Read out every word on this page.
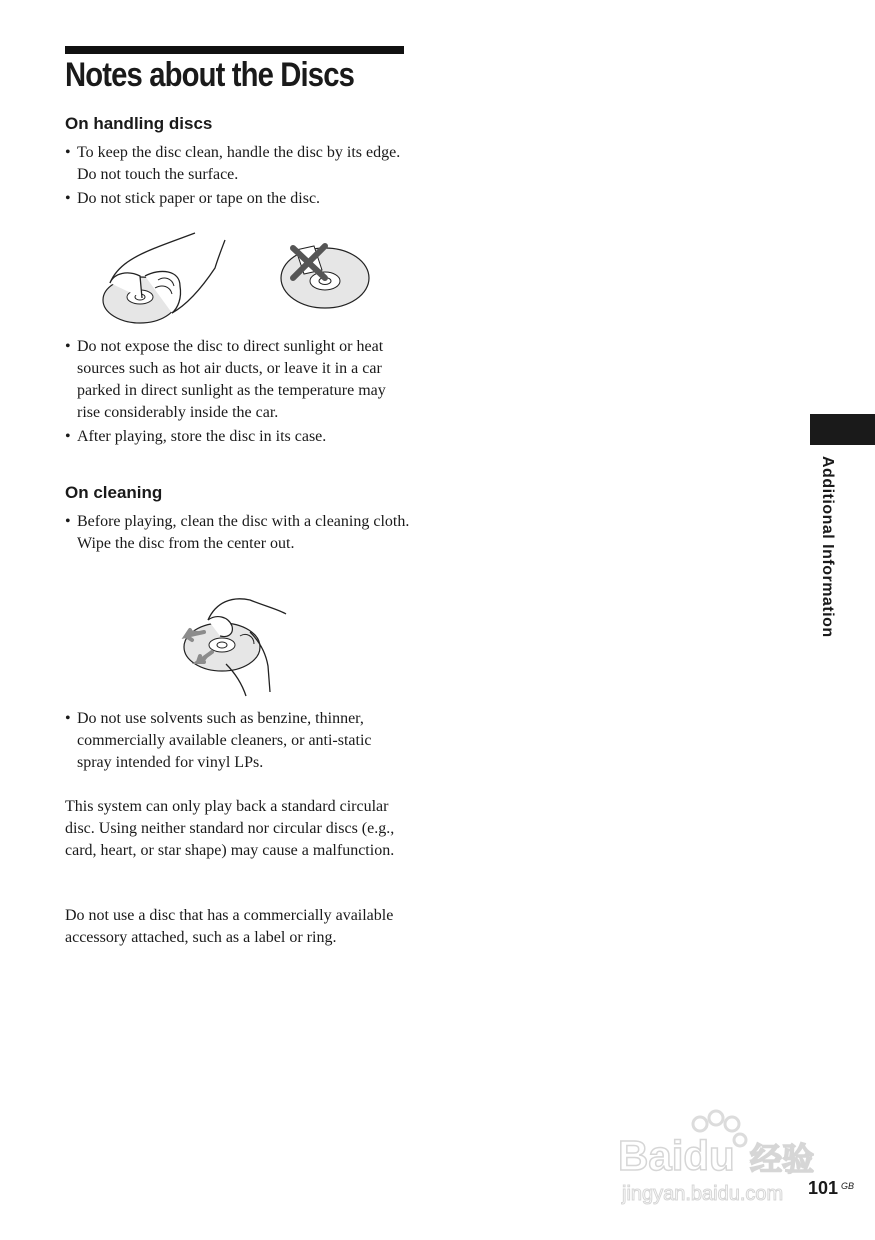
Notes about the Discs
On handling discs
• To keep the disc clean, handle the disc by its edge. Do not touch the surface.
• Do not stick paper or tape on the disc.
• Do not expose the disc to direct sunlight or heat sources such as hot air ducts, or leave it in a car parked in direct sunlight as the temperature may rise considerably inside the car.
• After playing, store the disc in its case.
On cleaning
• Before playing, clean the disc with a cleaning cloth.
Wipe the disc from the center out.
• Do not use solvents such as benzine, thinner, commercially available cleaners, or anti-static spray intended for vinyl LPs.

This system can only play back a standard circular disc. Using neither standard nor circular discs (e.g., card, heart, or star shape) may cause a malfunction.

Do not use a disc that has a commercially available accessory attached, such as a label or ring.

Additional Information
Baidu 经验
jingyan.baidu.com 101 GB
